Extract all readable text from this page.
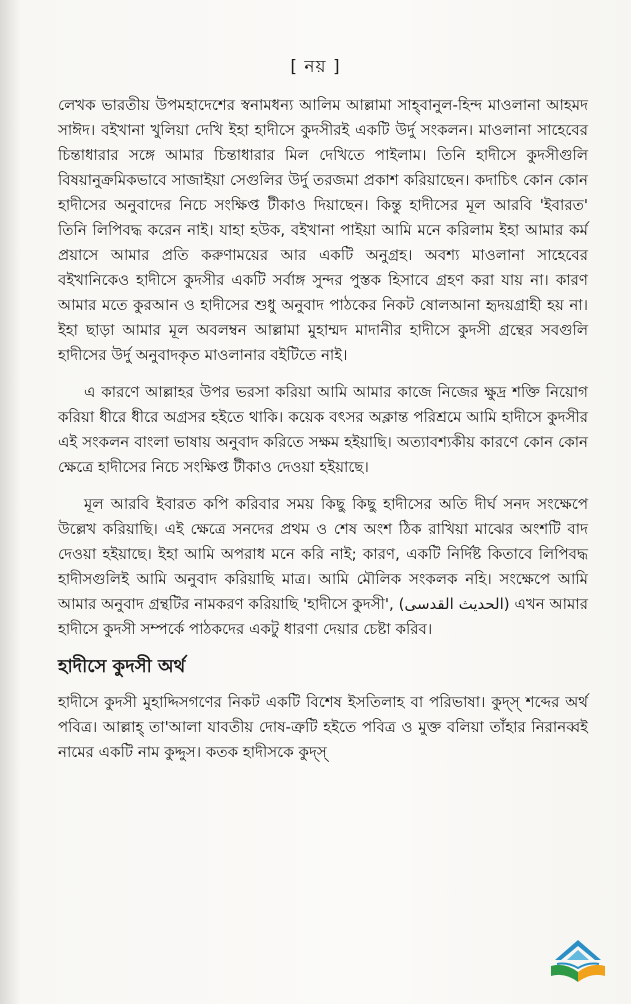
[ নয় ]

লেখক ভারতীয় উপমহাদেশের স্বনামধন্য আলিম আল্লামা সাহ্‌বানুল-হিন্দ মাওলানা আহমদ সাঈদ। বইখানা খুলিয়া দেখি ইহা হাদীসে কুদসীরই একটি উর্দু সংকলন। মাওলানা সাহেবের চিন্তাধারার সঙ্গে আমার চিন্তাধারার মিল দেখিতে পাইলাম। তিনি হাদীসে কুদসীগুলি বিষয়ানুক্রমিকভাবে সাজাইয়া সেগুলির উর্দু তরজমা প্রকাশ করিয়াছেন। কদাচিৎ কোন কোন হাদীসের অনুবাদের নিচে সংক্ষিপ্ত টীকাও দিয়াছেন। কিন্তু হাদীসের মূল আরবি 'ইবারত' তিনি লিপিবদ্ধ করেন নাই। যাহা হউক, বইখানা পাইয়া আমি মনে করিলাম ইহা আমার কর্ম প্রয়াসে আমার প্রতি করুণাময়ের আর একটি অনুগ্রহ। অবশ্য মাওলানা সাহেবের বইখানিকেও হাদীসে কুদসীর একটি সর্বাঙ্গ সুন্দর পুস্তক হিসাবে গ্রহণ করা যায় না। কারণ আমার মতে কুরআন ও হাদীসের শুধু অনুবাদ পাঠকের নিকট ষোলআনা হৃদয়গ্রাহী হয় না। ইহা ছাড়া আমার মূল অবলম্বন আল্লামা মুহাম্মদ মাদানীর হাদীসে কুদসী গ্রন্থের সবগুলি হাদীসের উর্দু অনুবাদকৃত মাওলানার বইটিতে নাই।

এ কারণে আল্লাহর উপর ভরসা করিয়া আমি আমার কাজে নিজের ক্ষুদ্র শক্তি নিয়োগ করিয়া ধীরে ধীরে অগ্রসর হইতে থাকি। কয়েক বৎসর অক্লান্ত পরিশ্রমে আমি হাদীসে কুদসীর এই সংকলন বাংলা ভাষায় অনুবাদ করিতে সক্ষম হইয়াছি। অত্যাবশ্যকীয় কারণে কোন কোন ক্ষেত্রে হাদীসের নিচে সংক্ষিপ্ত টীকাও দেওয়া হইয়াছে।

মূল আরবি ইবারত কপি করিবার সময় কিছু কিছু হাদীসের অতি দীর্ঘ সনদ সংক্ষেপে উল্লেখ করিয়াছি। এই ক্ষেত্রে সনদের প্রথম ও শেষ অংশ ঠিক রাখিয়া মাঝের অংশটি বাদ দেওয়া হইয়াছে। ইহা আমি অপরাধ মনে করি নাই; কারণ, একটি নির্দিষ্ট কিতাবে লিপিবদ্ধ হাদীসগুলিই আমি অনুবাদ করিয়াছি মাত্র। আমি মৌলিক সংকলক নহি। সংক্ষেপে আমি আমার অনুবাদ গ্রন্থটির নামকরণ করিয়াছি 'হাদীসে কুদসী', (الحديث القدسى) এখন আমার হাদীসে কুদসী সম্পর্কে পাঠকদের একটু ধারণা দেয়ার চেষ্টা করিব।

হাদীসে কুদসী অর্থ

হাদীসে কুদসী মুহাদ্দিসগণের নিকট একটি বিশেষ ইসতিলাহ বা পরিভাষা। কুদ্‌স্‌ শব্দের অর্থ পবিত্র। আল্লাহ্‌ তা'আলা যাবতীয় দোষ-ত্রুটি হইতে পবিত্র ও মুক্ত বলিয়া তাঁহার নিরানব্বই নামের একটি নাম কুদ্দুস। কতক হাদীসকে কুদ্‌স্‌
